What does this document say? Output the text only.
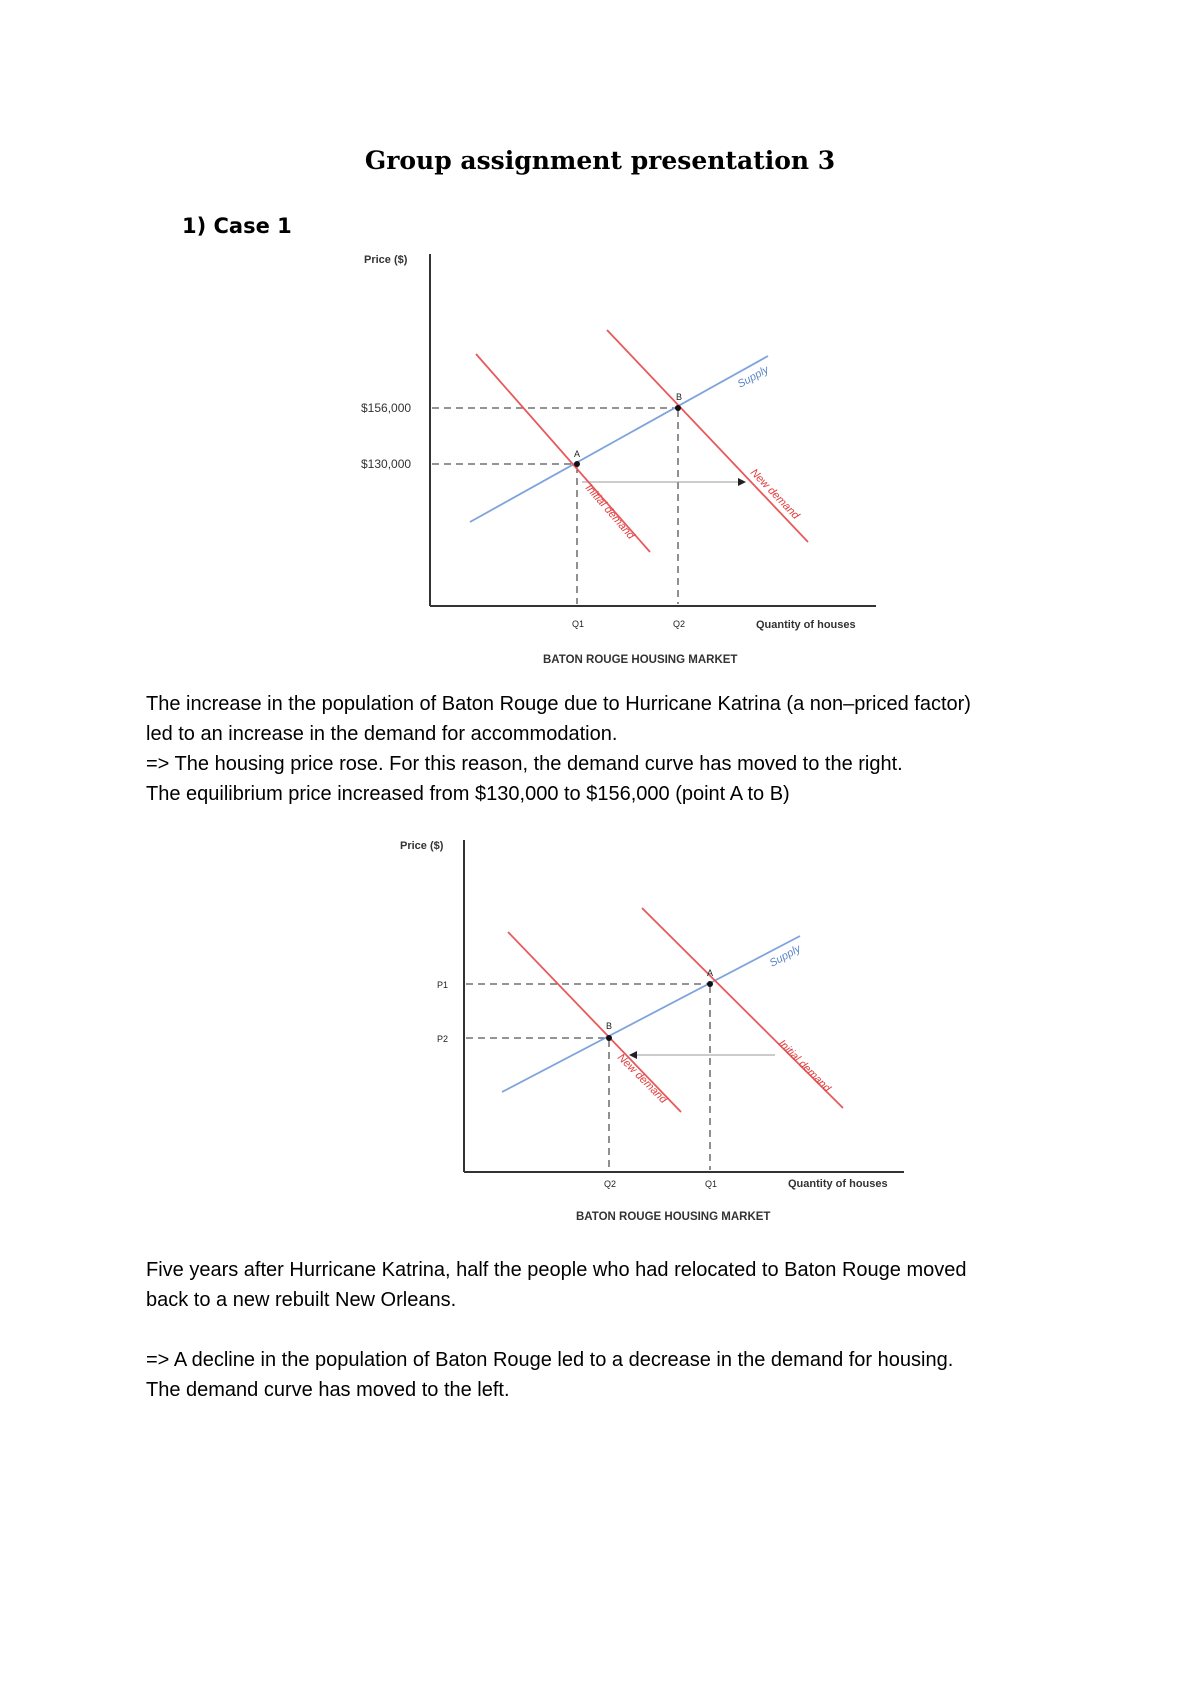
Group assignment presentation 3
1) Case 1
Price ($)
Quantity of houses
$156,000
$130,000
Q1	Q2
A
B
Supply
Initial demand	New demand
BATON ROUGE HOUSING MARKET
The increase in the population of Baton Rouge due to Hurricane Katrina (a non–priced factor)
led to an increase in the demand for accommodation.
=> The housing price rose. For this reason, the demand curve has moved to the right.
The equilibrium price increased from $130,000 to $156,000 (point A to B)
Price ($)
Quantity of houses
P1
P2
Q2	Q1
A
B
Supply
New demand	Initial demand
BATON ROUGE HOUSING MARKET
Five years after Hurricane Katrina, half the people who had relocated to Baton Rouge moved
back to a new rebuilt New Orleans.
=> A decline in the population of Baton Rouge led to a decrease in the demand for housing.
The demand curve has moved to the left.
